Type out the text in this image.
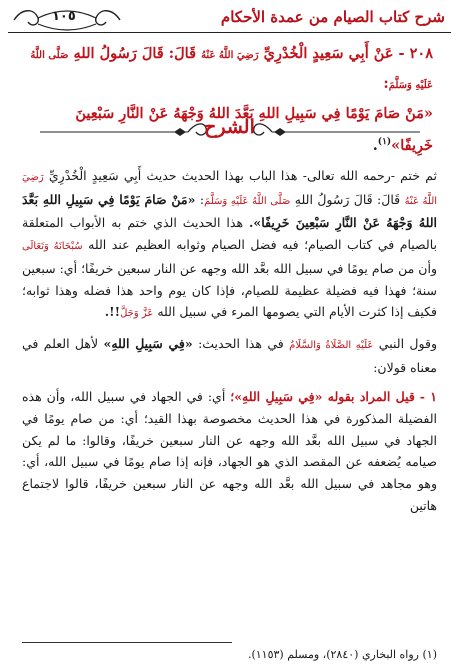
شرح كتاب الصيام من عمدة الأحكام
١٠٥
٢٠٨ - عَنْ أَبِي سَعِيدٍ الْخُدْرِيِّ رَضِيَ اللَّهُ عَنْهُ قَالَ: قَالَ رَسُولُ اللهِ صَلَّى اللَّهُ عَلَيْهِ وَسَلَّمَ:
«مَنْ صَامَ يَوْمًا فِي سَبِيلِ اللهِ بَعَّدَ اللهُ وَجْهَهُ عَنْ النَّارِ سَبْعِينَ خَرِيفًا»$^{(١)}$.
الشرح

ثم ختم -رحمه الله تعالى- هذا الباب بهذا الحديث حديث أَبِي سَعِيدٍ الْخُدْرِيِّ رَضِيَ اللَّهُ عَنْهُ قَالَ: قَالَ رَسُولُ اللهِ صَلَّى اللَّهُ عَلَيْهِ وَسَلَّمَ: «مَنْ صَامَ يَوْمًا فِي سَبِيلِ اللهِ بَعَّدَ اللهُ وَجْهَهُ عَنْ النَّارِ سَبْعِينَ خَرِيفًا». هذا الحديث الذي ختم به الأبواب المتعلقة بالصيام في كتاب الصيام؛ فيه فضل الصيام وثوابه العظيم عند الله سُبْحَانَهُ وَتَعَالَى وأن من صام يومًا في سبيل الله بعَّد الله وجهه عن النار سبعين خريفًا؛ أي: سبعين سنة؛ فهذا فيه فضيلة عظيمة للصيام، فإذا كان يوم واحد هذا فضله وهذا ثوابه؛ فكيف إذا كثرت الأيام التي يصومها المرء في سبيل الله عَزَّ وَجَلَّ!!.

وقول النبي عَلَيْهِ الصَّلَاةُ وَالسَّلَامُ في هذا الحديث: «فِي سَبِيلِ اللهِ» لأهل العلم في معناه قولان:

١ - قيل المراد بقوله «فِي سَبِيلِ اللهِ»؛ أي: في الجهاد في سبيل الله، وأن هذه الفضيلة المذكورة في هذا الحديث مخصوصة بهذا القيد؛ أي: من صام يومًا في الجهاد في سبيل الله بعَّد الله وجهه عن النار سبعين خريفًا، وقالوا: ما لم يكن صيامه يُضعفه عن المقصد الذي هو الجهاد، فإنه إذا صام يومًا في سبيل الله، أي: وهو مجاهد في سبيل الله بعَّد الله وجهه عن النار سبعين خريفًا، قالوا لاجتماع هاتين

(١) رواه البخاري (٢٨٤٠)، ومسلم (١١٥٣).
